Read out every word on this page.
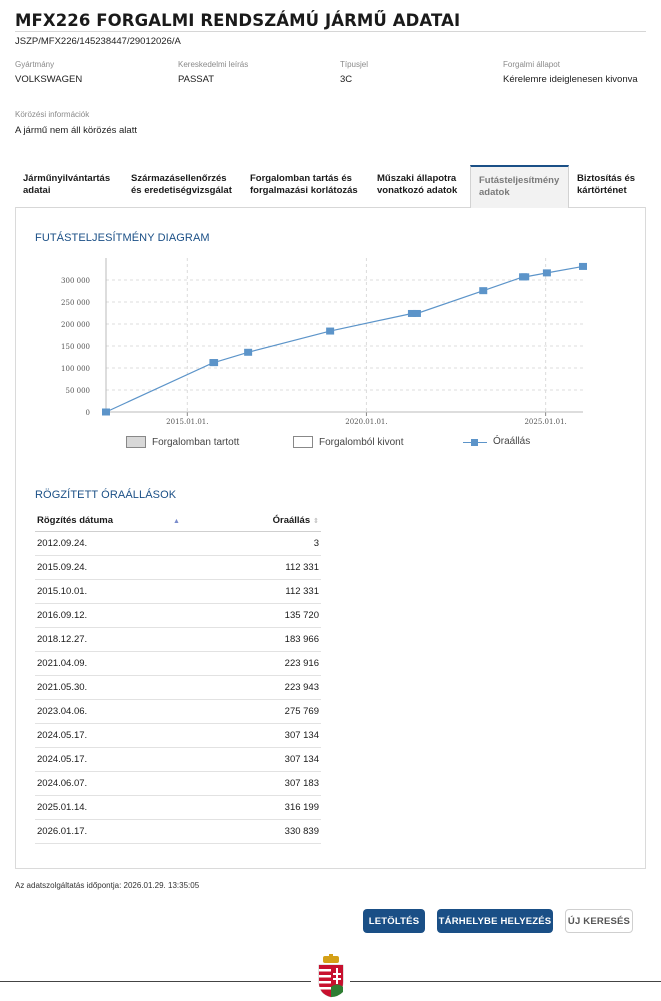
MFX226 FORGALMI RENDSZÁMÚ JÁRMŰ ADATAI
JSZP/MFX226/145238447/29012026/A
Gyártmány
VOLKSWAGEN
Kereskedelmi leírás
PASSAT
Típusjel
3C
Forgalmi állapot
Kérelemre ideiglenesen kivonva
Körözési információk
A jármű nem áll körözés alatt
Járműnyilvántartás
adatai
Származásellenőrzés
és eredetiségvizsgálat
Forgalomban tartás és
forgalmazási korlátozás
Műszaki állapotra
vonatkozó adatok
Futásteljesítmény
adatok
Biztosítás és
kártörténet
FUTÁSTELJESÍTMÉNY DIAGRAM
0
50 000
100 000
150 000
200 000
250 000
300 000
2015.01.01.	2020.01.01.	2025.01.01.
Forgalomban tartott	Forgalomból kivont	Óraállás
RÖGZÍTETT ÓRAÁLLÁSOK
Rögzítés dátuma ▲	Óraállás ⇕
2012.09.24.	3
2015.09.24.	112 331
2015.10.01.	112 331
2016.09.12.	135 720
2018.12.27.	183 966
2021.04.09.	223 916
2021.05.30.	223 943
2023.04.06.	275 769
2024.05.17.	307 134
2024.05.17.	307 134
2024.06.07.	307 183
2025.01.14.	316 199
2026.01.17.	330 839
Az adatszolgáltatás időpontja: 2026.01.29. 13:35:05
LETÖLTÉS	TÁRHELYBE HELYEZÉS	ÚJ KERESÉS
